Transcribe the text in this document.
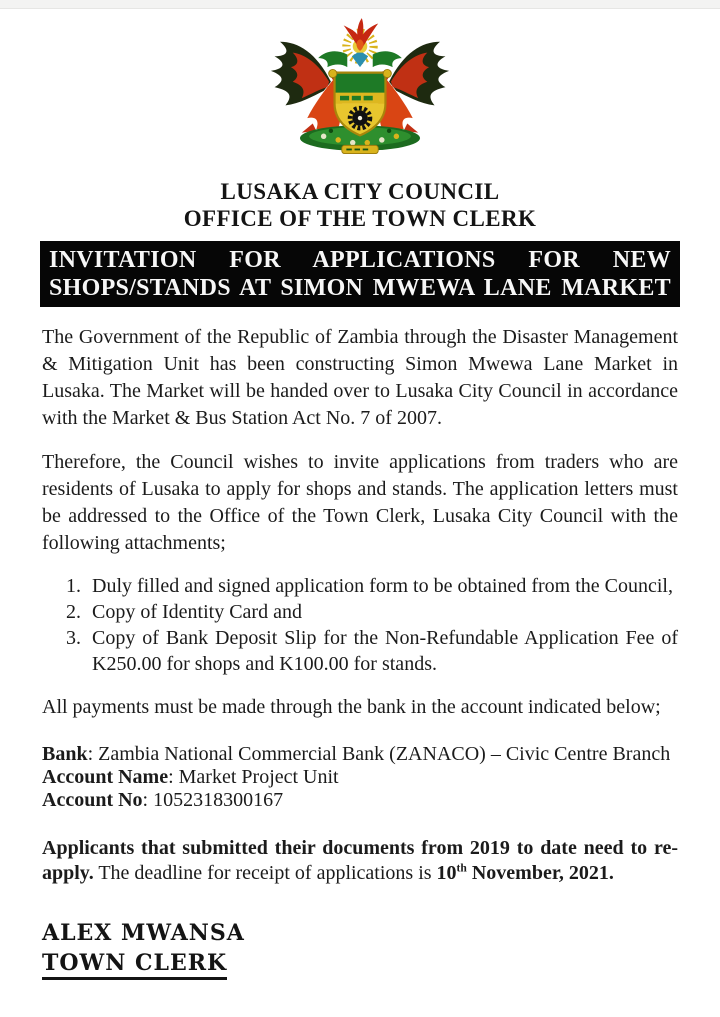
LUSAKA CITY COUNCIL
OFFICE OF THE TOWN CLERK
INVITATION FOR APPLICATIONS FOR NEW
SHOPS/STANDS AT SIMON MWEWA LANE MARKET

The Government of the Republic of Zambia through the Disaster Management & Mitigation Unit has been constructing Simon Mwewa Lane Market in Lusaka. The Market will be handed over to Lusaka City Council in accordance with the Market & Bus Station Act No. 7 of 2007.

Therefore, the Council wishes to invite applications from traders who are residents of Lusaka to apply for shops and stands. The application letters must be addressed to the Office of the Town Clerk, Lusaka City Council with the following attachments;

1. Duly filled and signed application form to be obtained from the Council,
2. Copy of Identity Card and
3. Copy of Bank Deposit Slip for the Non-Refundable Application Fee of K250.00 for shops and K100.00 for stands.

All payments must be made through the bank in the account indicated below;

Bank: Zambia National Commercial Bank (ZANACO) – Civic Centre Branch
Account Name: Market Project Unit
Account No: 1052318300167

Applicants that submitted their documents from 2019 to date need to re-apply. The deadline for receipt of applications is 10th November, 2021.

ALEX MWANSA
TOWN CLERK
